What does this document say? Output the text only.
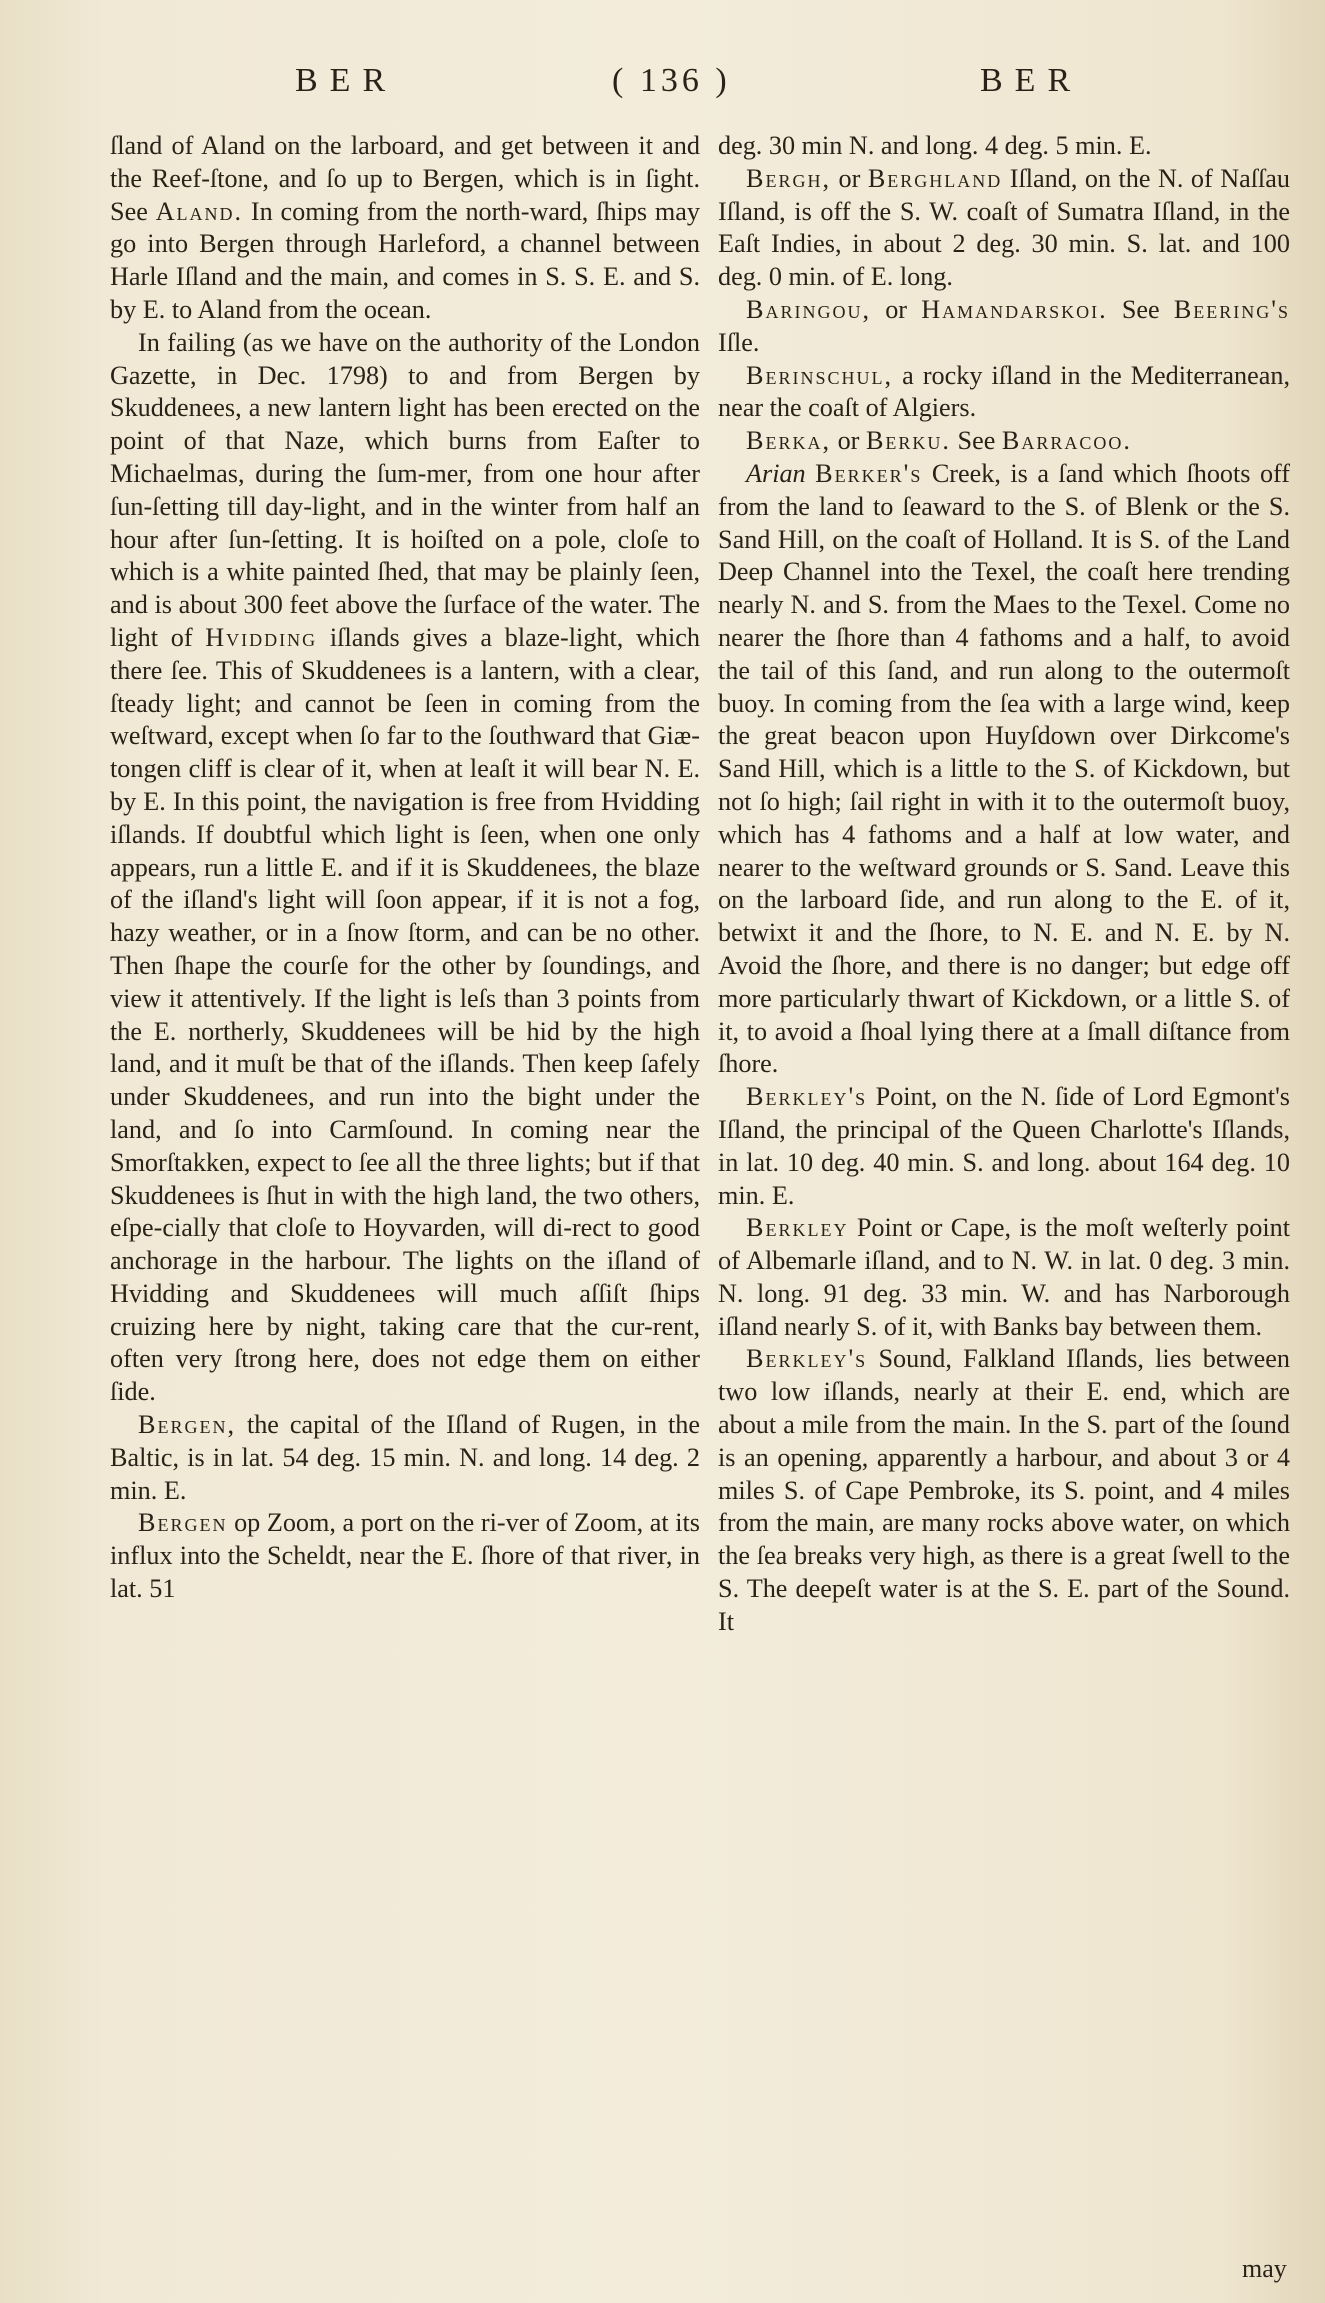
BER	( 136 )	BER

ſland of Aland on the larboard, and get between it and the Reef-ſtone, and ſo up to Bergen, which is in ſight. See Aland. In coming from the north-ward, ſhips may go into Bergen through Harleford, a channel between Harle Iſland and the main, and comes in S. S. E. and S. by E. to Aland from the ocean.

In failing (as we have on the authority of the London Gazette, in Dec. 1798) to and from Bergen by Skuddenees, a new lantern light has been erected on the point of that Naze, which burns from Eaſter to Michaelmas, during the ſum-mer, from one hour after ſun-ſetting till day-light, and in the winter from half an hour after ſun-ſetting. It is hoiſted on a pole, cloſe to which is a white painted ſhed, that may be plainly ſeen, and is about 300 feet above the ſurface of the water. The light of Hvidding iſlands gives a blaze-light, which there ſee. This of Skuddenees is a lantern, with a clear, ſteady light; and cannot be ſeen in coming from the weſtward, except when ſo far to the ſouthward that Giæ-tongen cliff is clear of it, when at leaſt it will bear N. E. by E. In this point, the navigation is free from Hvidding iſlands. If doubtful which light is ſeen, when one only appears, run a little E. and if it is Skuddenees, the blaze of the iſland's light will ſoon appear, if it is not a fog, hazy weather, or in a ſnow ſtorm, and can be no other. Then ſhape the courſe for the other by ſoundings, and view it attentively. If the light is leſs than 3 points from the E. northerly, Skuddenees will be hid by the high land, and it muſt be that of the iſlands. Then keep ſafely under Skuddenees, and run into the bight under the land, and ſo into Carmſound. In coming near the Smorſtakken, expect to ſee all the three lights; but if that Skuddenees is ſhut in with the high land, the two others, eſpe-cially that cloſe to Hoyvarden, will di-rect to good anchorage in the harbour. The lights on the iſland of Hvidding and Skuddenees will much aſſiſt ſhips cruizing here by night, taking care that the cur-rent, often very ſtrong here, does not edge them on either ſide.

Bergen, the capital of the Iſland of Rugen, in the Baltic, is in lat. 54 deg. 15 min. N. and long. 14 deg. 2 min. E.

Bergen op Zoom, a port on the ri-ver of Zoom, at its influx into the Scheldt, near the E. ſhore of that river, in lat. 51

deg. 30 min N. and long. 4 deg. 5 min. E.

Bergh, or Berghland Iſland, on the N. of Naſſau Iſland, is off the S. W. coaſt of Sumatra Iſland, in the Eaſt Indies, in about 2 deg. 30 min. S. lat. and 100 deg. 0 min. of E. long.

Baringou, or Hamandarskoi. See Beering's Iſle.

Berinschul, a rocky iſland in the Mediterranean, near the coaſt of Algiers.

Berka, or Berku. See Barracoo.

Arian Berker's Creek, is a ſand which ſhoots off from the land to ſeaward to the S. of Blenk or the S. Sand Hill, on the coaſt of Holland. It is S. of the Land Deep Channel into the Texel, the coaſt here trending nearly N. and S. from the Maes to the Texel. Come no nearer the ſhore than 4 fathoms and a half, to avoid the tail of this ſand, and run along to the outermoſt buoy. In coming from the ſea with a large wind, keep the great beacon upon Huyſdown over Dirkcome's Sand Hill, which is a little to the S. of Kickdown, but not ſo high; ſail right in with it to the outermoſt buoy, which has 4 fathoms and a half at low water, and nearer to the weſtward grounds or S. Sand. Leave this on the larboard ſide, and run along to the E. of it, betwixt it and the ſhore, to N. E. and N. E. by N. Avoid the ſhore, and there is no danger; but edge off more particularly thwart of Kickdown, or a little S. of it, to avoid a ſhoal lying there at a ſmall diſtance from ſhore.

Berkley's Point, on the N. ſide of Lord Egmont's Iſland, the principal of the Queen Charlotte's Iſlands, in lat. 10 deg. 40 min. S. and long. about 164 deg. 10 min. E.

Berkley Point or Cape, is the moſt weſterly point of Albemarle iſland, and to N. W. in lat. 0 deg. 3 min. N. long. 91 deg. 33 min. W. and has Narborough iſland nearly S. of it, with Banks bay between them.

Berkley's Sound, Falkland Iſlands, lies between two low iſlands, nearly at their E. end, which are about a mile from the main. In the S. part of the ſound is an opening, apparently a harbour, and about 3 or 4 miles S. of Cape Pembroke, its S. point, and 4 miles from the main, are many rocks above water, on which the ſea breaks very high, as there is a great ſwell to the S. The deepeſt water is at the S. E. part of the Sound. It

may
